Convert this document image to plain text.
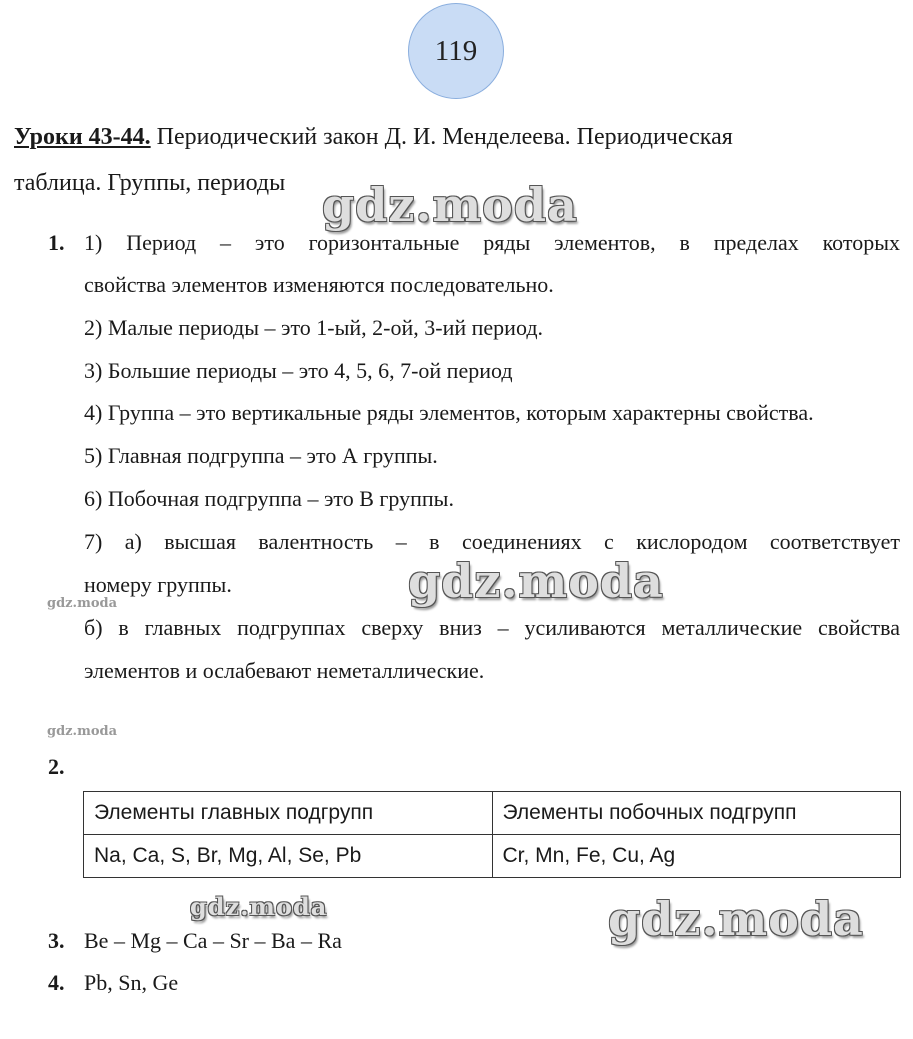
119
Уроки 43-44. Периодический закон Д. И. Менделеева. Периодическая
таблица. Группы, периоды gdz.moda
1. 1) Период – это горизонтальные ряды элементов, в пределах которых
свойства элементов изменяются последовательно.
2) Малые периоды – это 1-ый, 2-ой, 3-ий период.
3) Большие периоды – это 4, 5, 6, 7-ой период
4) Группа – это вертикальные ряды элементов, которым характерны свойства.
5) Главная подгруппа – это А группы.
6) Побочная подгруппа – это В группы.
7) а) высшая валентность – в соединениях с кислородом соответствует
номеру группы.	gdz.moda
gdz.moda
б) в главных подгруппах сверху вниз – усиливаются металлические свойства
элементов и ослабевают неметаллические.
gdz.moda
2.
Элементы главных подгрупп	Элементы побочных подгрупп
Na, Ca, S, Br, Mg, Al, Se, Pb	Cr, Mn, Fe, Cu, Ag
gdz.moda	gdz.moda
3. Be – Mg – Ca – Sr – Ba – Ra
4. Pb, Sn, Ge
